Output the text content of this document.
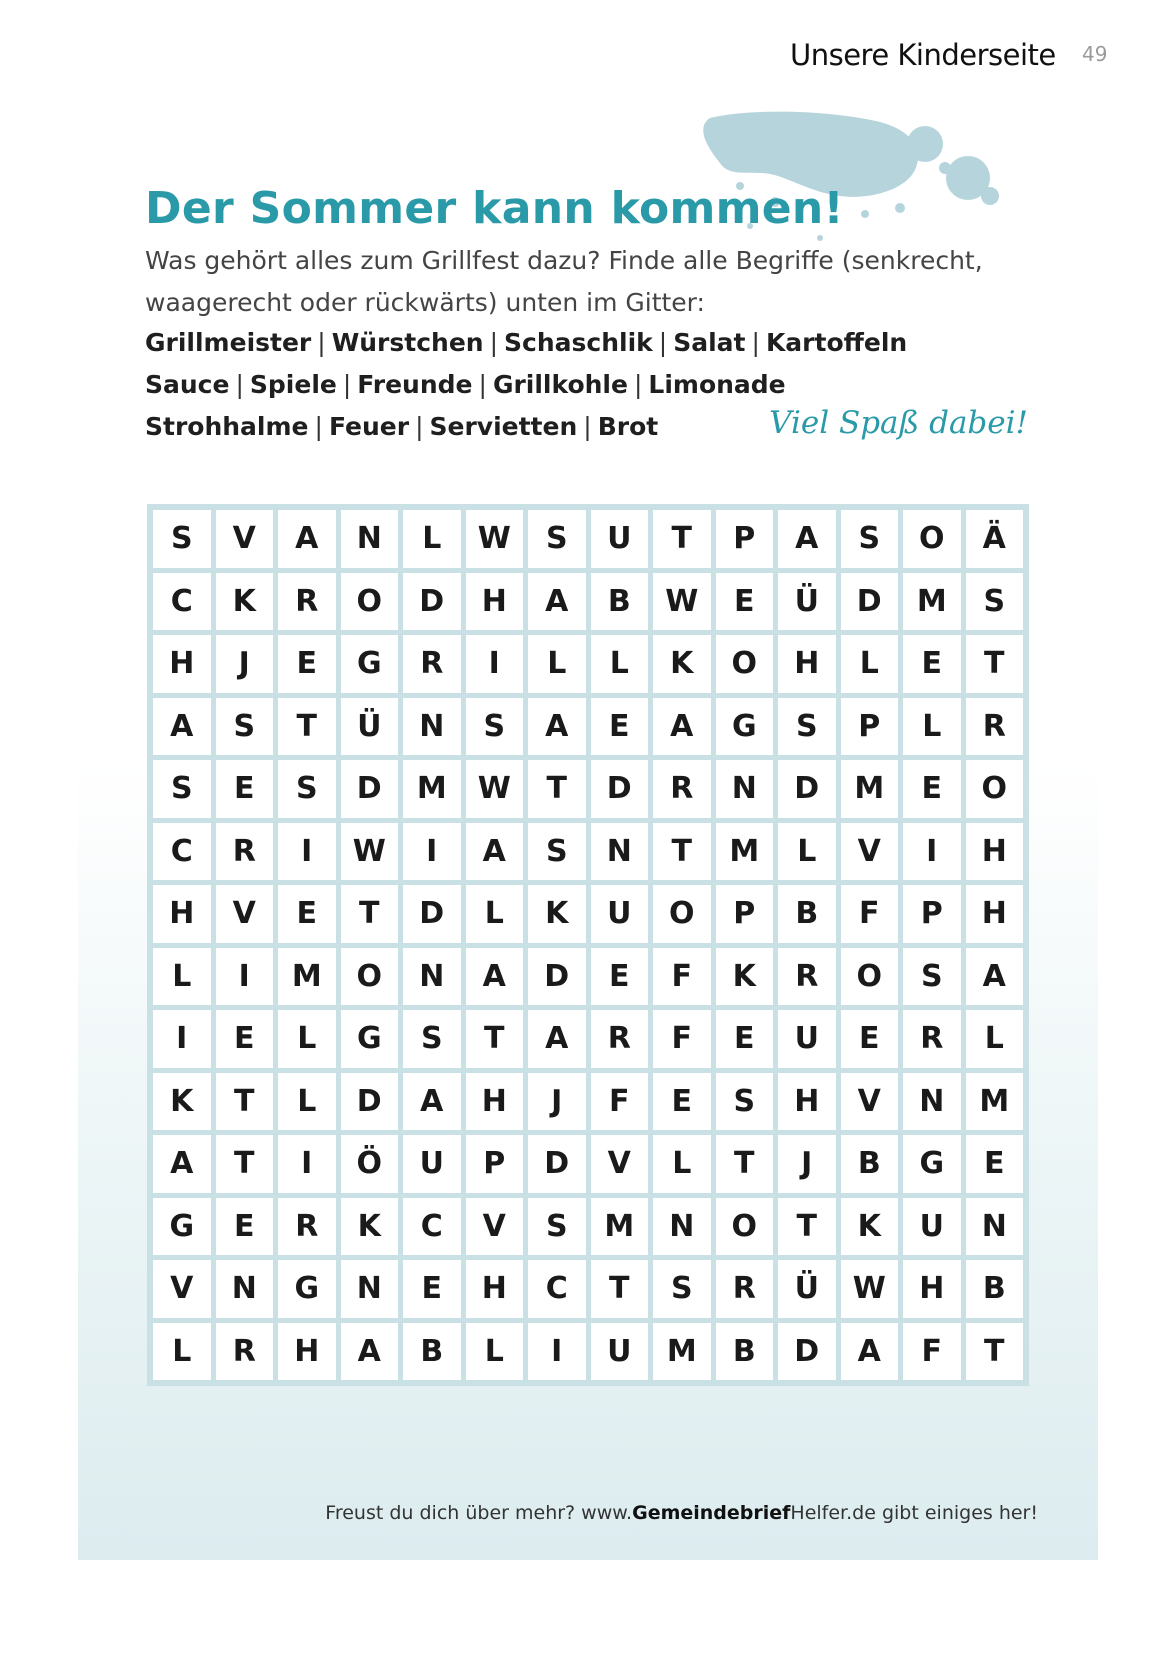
Unsere Kinderseite 49
Der Sommer kann kommen!

Was gehört alles zum Grillfest dazu? Finde alle Begriffe (senkrecht, waagerecht oder rückwärts) unten im Gitter:

Grillmeister | Würstchen | Schaschlik | Salat | Kartoffeln
Sauce | Spiele | Freunde | Grillkohle | Limonade
Strohhalme | Feuer | Servietten | Brot	Viel Spaß dabei!
S	V	A	N	L	W	S	U	T	P	A	S	O	Ä
C	K	R	O	D	H	A	B	W	E	Ü	D	M	S
H	J	E	G	R	I	L	L	K	O	H	L	E	T
A	S	T	Ü	N	S	A	E	A	G	S	P	L	R
S	E	S	D	M	W	T	D	R	N	D	M	E	O
C	R	I	W	I	A	S	N	T	M	L	V	I	H
H	V	E	T	D	L	K	U	O	P	B	F	P	H
L	I	M	O	N	A	D	E	F	K	R	O	S	A
I	E	L	G	S	T	A	R	F	E	U	E	R	L
K	T	L	D	A	H	J	F	E	S	H	V	N	M
A	T	I	Ö	U	P	D	V	L	T	J	B	G	E
G	E	R	K	C	V	S	M	N	O	T	K	U	N
V	N	G	N	E	H	C	T	S	R	Ü	W	H	B
L	R	H	A	B	L	I	U	M	B	D	A	F	T
Freust du dich über mehr? www.GemeindebriefHelfer.de gibt einiges her!
